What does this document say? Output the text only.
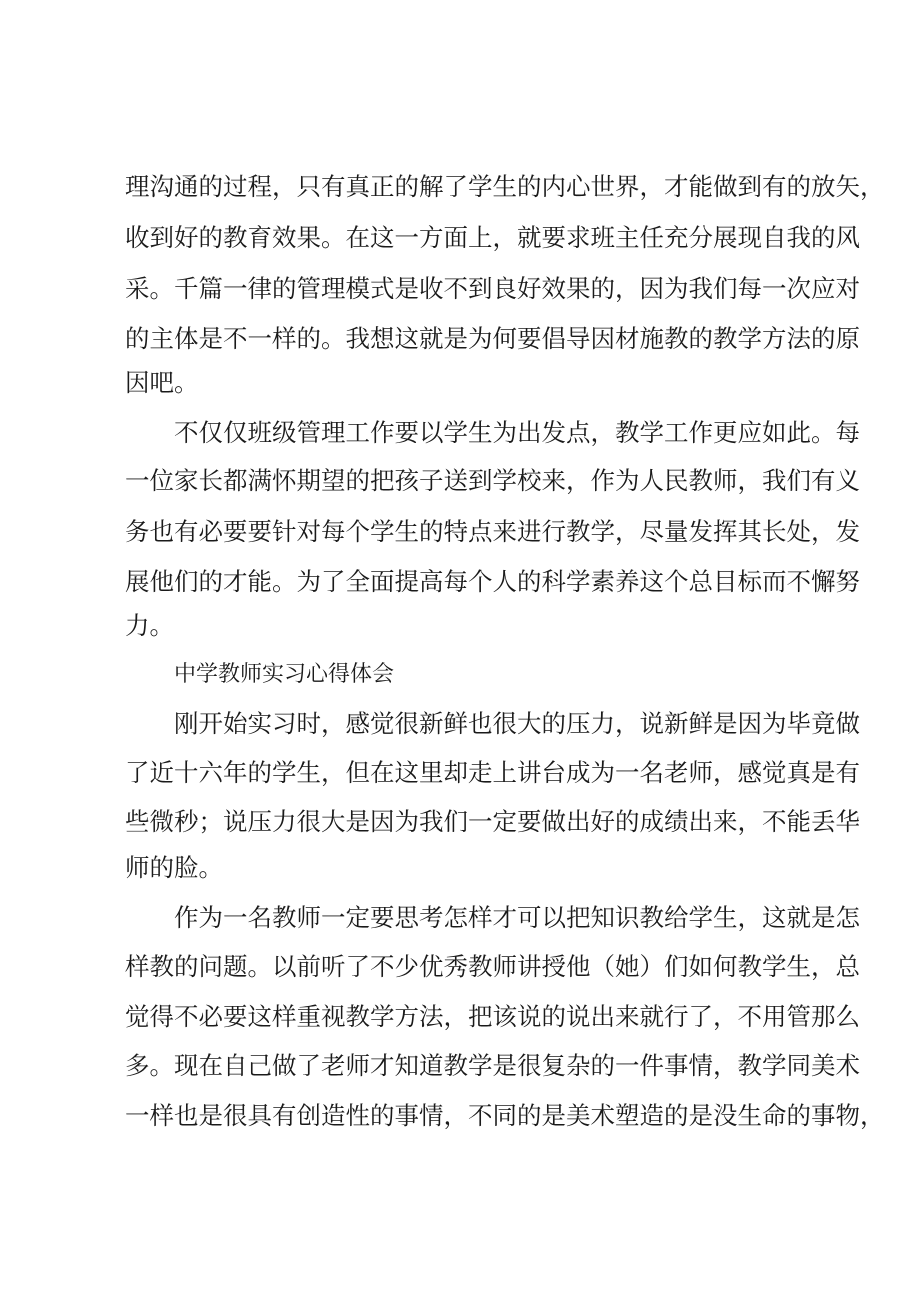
理沟通的过程，只有真正的解了学生的内心世界，才能做到有的放矢，

收到好的教育效果。在这一方面上，就要求班主任充分展现自我的风

采。千篇一律的管理模式是收不到良好效果的，因为我们每一次应对

的主体是不一样的。我想这就是为何要倡导因材施教的教学方法的原

因吧。

不仅仅班级管理工作要以学生为出发点，教学工作更应如此。每

一位家长都满怀期望的把孩子送到学校来，作为人民教师，我们有义

务也有必要要针对每个学生的特点来进行教学，尽量发挥其长处，发

展他们的才能。为了全面提高每个人的科学素养这个总目标而不懈努

力。

中学教师实习心得体会

刚开始实习时，感觉很新鲜也很大的压力，说新鲜是因为毕竟做

了近十六年的学生，但在这里却走上讲台成为一名老师，感觉真是有

些微秒；说压力很大是因为我们一定要做出好的成绩出来，不能丢华

师的脸。

作为一名教师一定要思考怎样才可以把知识教给学生，这就是怎

样教的问题。以前听了不少优秀教师讲授他（她）们如何教学生，总

觉得不必要这样重视教学方法，把该说的说出来就行了，不用管那么

多。现在自己做了老师才知道教学是很复杂的一件事情，教学同美术

一样也是很具有创造性的事情，不同的是美术塑造的是没生命的事物，
